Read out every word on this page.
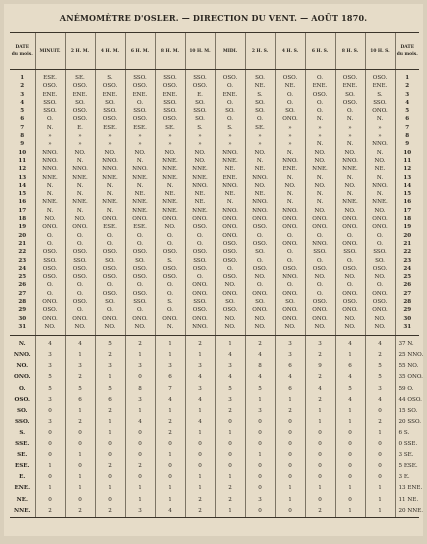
ANÉMOMÈTRE D'OSLER. — DIRECTION DU VENT. — AOÛT 1870.
DATE
du mois.	MINUIT.	2 H. M.	4 H. M.	6 H. M.	8 H. M.	10 H. M.	MIDI.	2 H. S.	4 H. S.	6 H. S.	8 H. S.	10 H. S.	DATE
du mois.
1	ESE.	SE.	S.	SSO.	SSO.	SSO.	OSO.	SO.	OSO.	O.	OSO.	OSO.	1
2	OSO.	OSO.	OSO.	OSO.	OSO.	OSO.	O.	NE.	NE.	ENE.	ENE.	ENE.	2
3	ENE.	ENE.	ENE.	ENE.	ENE.	E.	ENE.	S.	O.	OSO.	SO.	S.	3
4	SSO.	SO.	SO.	O.	SSO.	SO.	O.	SO.	O.	O.	OSO.	SSO.	4
5	SSO.	OSO.	SSO.	SSO.	SSO.	SSO.	SO.	SO.	SO.	O.	O.	ONO.	5
6	O.	OSO.	OSO.	OSO.	OSO.	SO.	O.	O.	ONO.	N.	N.	N.	6
7	N.	E.	ESE.	ESE.	SE.	S.	S.	SE.	»	»	»	»	7
8	»	»	»	»	»	»	»	»	»	»	»	»	8
9	»	»	»	»	»	»	»	»	»	N.	N.	NNO.	9
10	NNO.	NO.	NO.	NO.	NO.	NO.	NNO.	NO.	N.	NO.	NO.	N.	10
11	NNO.	N.	NNO.	N.	NNE.	NO.	NNE.	N.	NNO.	NO.	NNO.	NO.	11
12	NNO.	NNO.	NNO.	NNO.	NNE.	NNE.	NE.	NE.	ENE.	NNE.	NNE.	NE.	12
13	NNE.	NNE.	NNE.	NNE.	NNE.	NNE.	ENE.	NNO.	N.	N.	N.	N.	13
14	N.	N.	N.	N.	N.	NNO.	NNO.	NO.	NO.	NO.	NO.	NNO.	14
15	N.	N.	N.	NE.	NE.	NE.	NE.	NE.	N.	N.	N.	N.	15
16	NNE.	NNE.	NNE.	NNE.	NNE.	NE.	N.	NNO.	N.	N.	NNE.	NNE.	16
17	N.	N.	N.	NNE.	NNE.	NNE.	NNO.	NNO.	NNO.	NO.	NO.	NO.	17
18	NO.	NO.	ONO.	ONO.	ONO.	ONO.	ONO.	ONO.	ONO.	ONO.	ONO.	ONO.	18
19	ONO.	ONO.	ESE.	ESE.	NO.	OSO.	ONO.	OSO.	ONO.	ONO.	ONO.	ONO.	19
20	O.	O.	O.	O.	O.	O.	ONO.	O.	O.	O.	O.	O.	20
21	O.	O.	O.	O.	O.	O.	OSO.	OSO.	ONO.	NNO.	ONO.	O.	21
22	OSO.	OSO.	OSO.	OSO.	OSO.	OSO.	OSO.	SO.	O.	SSO.	SSO.	SSO.	22
23	SSO.	SSO.	SO.	SO.	S.	SSO.	OSO.	O.	O.	O.	O.	SO.	23
24	OSO.	OSO.	OSO.	OSO.	OSO.	OSO.	O.	OSO.	OSO.	OSO.	OSO.	OSO.	24
25	OSO.	OSO.	OSO.	OSO.	OSO.	O.	OSO.	NO.	NNO.	NO.	NO.	NO.	25
26	O.	O.	O.	O.	O.	ONO.	NO.	O.	O.	O.	O.	O.	26
27	O.	O.	OSO.	OSO.	O.	ONO.	ONO.	ONO.	ONO.	O.	ONO.	ONO.	27
28	ONO.	OSO.	SO.	SSO.	S.	SSO.	SO.	SO.	SO.	OSO.	OSO.	OSO.	28
29	OSO.	O.	O.	O.	O.	OSO.	OSO.	ONO.	ONO.	ONO.	ONO.	ONO.	29
30	ONO.	ONO.	ONO.	ONO.	ONO.	ONO.	NO.	NO.	ONO.	ONO.	NO.	NO.	30
31	NO.	NO.	NO.	NO.	N.	NNO.	NO.	NO.	NO.	NO.	NO.	NO.	31
N.	4	4	5	2	1	2	1	2	3	3	4	4	37 N.
NNO.	3	1	2	1	1	1	4	4	3	2	1	2	25 NNO.
NO.	3	3	3	3	3	3	3	8	6	9	6	5	55 NO.
ONO.	5	2	1	0	6	4	4	4	4	2	4	5	35 ONO.
O.	5	5	5	8	7	3	5	5	6	4	5	3	59 O.
OSO.	3	6	6	3	4	4	3	1	1	2	4	4	44 OSO.
SO.	0	1	2	1	1	1	2	3	2	1	1	0	15 SO.
SSO.	3	2	1	4	2	4	0	0	0	1	1	2	20 SSO.
S.	0	0	1	0	2	1	1	0	0	0	0	1	6 S.
SSE.	0	0	0	0	0	0	0	0	0	0	0	0	0 SSE.
SE.	0	1	0	0	1	0	0	1	0	0	0	0	3 SE.
ESE.	1	0	2	2	0	0	0	0	0	0	0	0	5 ESE.
E.	0	1	0	0	0	1	1	0	0	0	0	0	3 E.
ENE.	1	1	1	1	1	1	2	0	1	1	1	1	13 ENE.
NE.	0	0	0	1	1	2	2	3	1	0	0	1	11 NE.
NNE.	2	2	2	3	4	2	1	0	0	2	1	1	20 NNE.
